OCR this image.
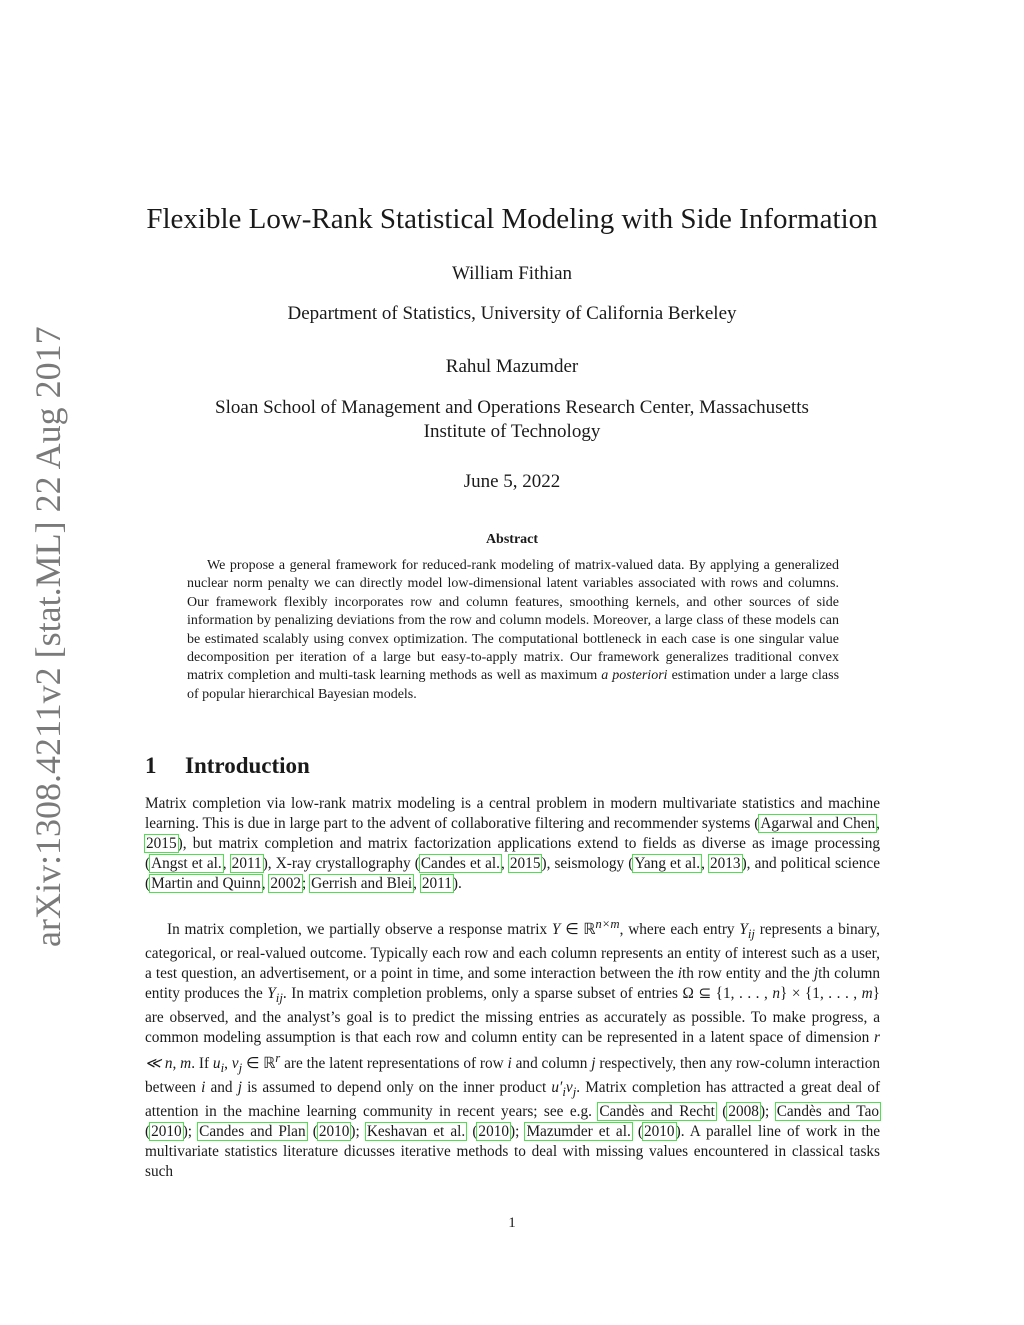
arXiv:1308.4211v2 [stat.ML] 22 Aug 2017
Flexible Low-Rank Statistical Modeling with Side Information
William Fithian
Department of Statistics, University of California Berkeley
Rahul Mazumder
Sloan School of Management and Operations Research Center, Massachusetts
Institute of Technology
June 5, 2022
Abstract
We propose a general framework for reduced-rank modeling of matrix-valued data. By applying a generalized nuclear norm penalty we can directly model low-dimensional latent variables associated with rows and columns. Our framework flexibly incorporates row and column features, smoothing kernels, and other sources of side information by penalizing deviations from the row and column models. Moreover, a large class of these models can be estimated scalably using convex optimization. The computational bottleneck in each case is one singular value decomposition per iteration of a large but easy-to-apply matrix. Our framework generalizes traditional convex matrix completion and multi-task learning methods as well as maximum a posteriori estimation under a large class of popular hierarchical Bayesian models.
1 Introduction
Matrix completion via low-rank matrix modeling is a central problem in modern multivariate statistics and machine learning. This is due in large part to the advent of collaborative filtering and recommender systems (Agarwal and Chen, 2015), but matrix completion and matrix factorization applications extend to fields as diverse as image processing (Angst et al., 2011), X-ray crystallography (Candes et al., 2015), seismology (Yang et al., 2013), and political science (Martin and Quinn, 2002; Gerrish and Blei, 2011).
In matrix completion, we partially observe a response matrix Y ∈ ℝ$^{n\times m}$, where each entry $Y_{ij}$ represents a binary, categorical, or real-valued outcome. Typically each row and each column represents an entity of interest such as a user, a test question, an advertisement, or a point in time, and some interaction between the ith row entity and the jth column entity produces the $Y_{ij}$. In matrix completion problems, only a sparse subset of entries Ω ⊆ {1, . . . , n} × {1, . . . , m} are observed, and the analyst’s goal is to predict the missing entries as accurately as possible. To make progress, a common modeling assumption is that each row and column entity can be represented in a latent space of dimension r ≪ n, m. If $u_i$, $v_j$ ∈ ℝ$^r$ are the latent representations of row i and column j respectively, then any row-column interaction between i and j is assumed to depend only on the inner product $u'_iv_j$. Matrix completion has attracted a great deal of attention in the machine learning community in recent years; see e.g. Candès and Recht (2008); Candès and Tao (2010); Candes and Plan (2010); Keshavan et al. (2010); Mazumder et al. (2010). A parallel line of work in the multivariate statistics literature dicusses iterative methods to deal with missing values encountered in classical tasks such
1
